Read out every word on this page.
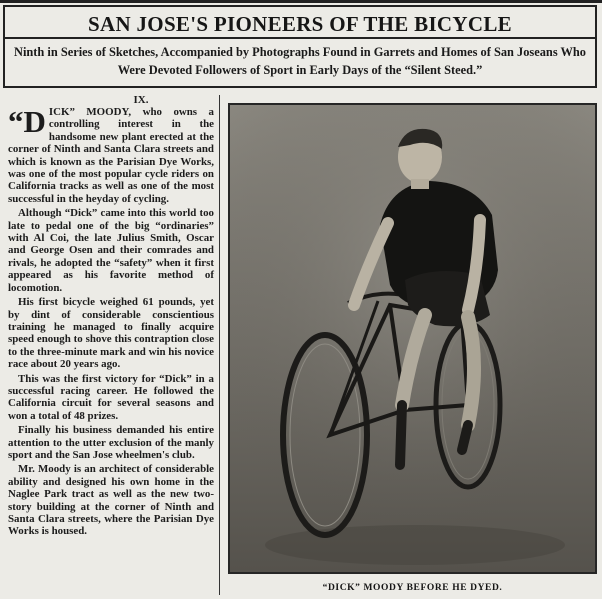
SAN JOSE'S PIONEERS OF THE BICYCLE
Ninth in Series of Sketches, Accompanied by Photographs Found in Garrets and Homes of San Joseans Who Were Devoted Followers of Sport in Early Days of the “Silent Steed.”
IX.

“DICK” MOODY, who owns a controlling interest in the handsome new plant erected at the corner of Ninth and Santa Clara streets and which is known as the Parisian Dye Works, was one of the most popular cycle riders on California tracks as well as one of the most successful in the heyday of cycling.

Although “Dick” came into this world too late to pedal one of the big “ordinaries” with Al Coi, the late Julius Smith, Oscar and George Osen and their comrades and rivals, he adopted the “safety” when it first appeared as his favorite method of locomotion.

His first bicycle weighed 61 pounds, yet by dint of considerable conscientious training he managed to finally acquire speed enough to shove this contraption close to the three-minute mark and win his novice race about 20 years ago.

This was the first victory for “Dick” in a successful racing career. He followed the California circuit for several seasons and won a total of 48 prizes.

Finally his business demanded his entire attention to the utter exclusion of the manly sport and the San Jose wheelmen's club.

Mr. Moody is an architect of considerable ability and designed his own home in the Naglee Park tract as well as the new two-story building at the corner of Ninth and Santa Clara streets, where the Parisian Dye Works is housed.

“DICK” MOODY BEFORE HE DYED.
